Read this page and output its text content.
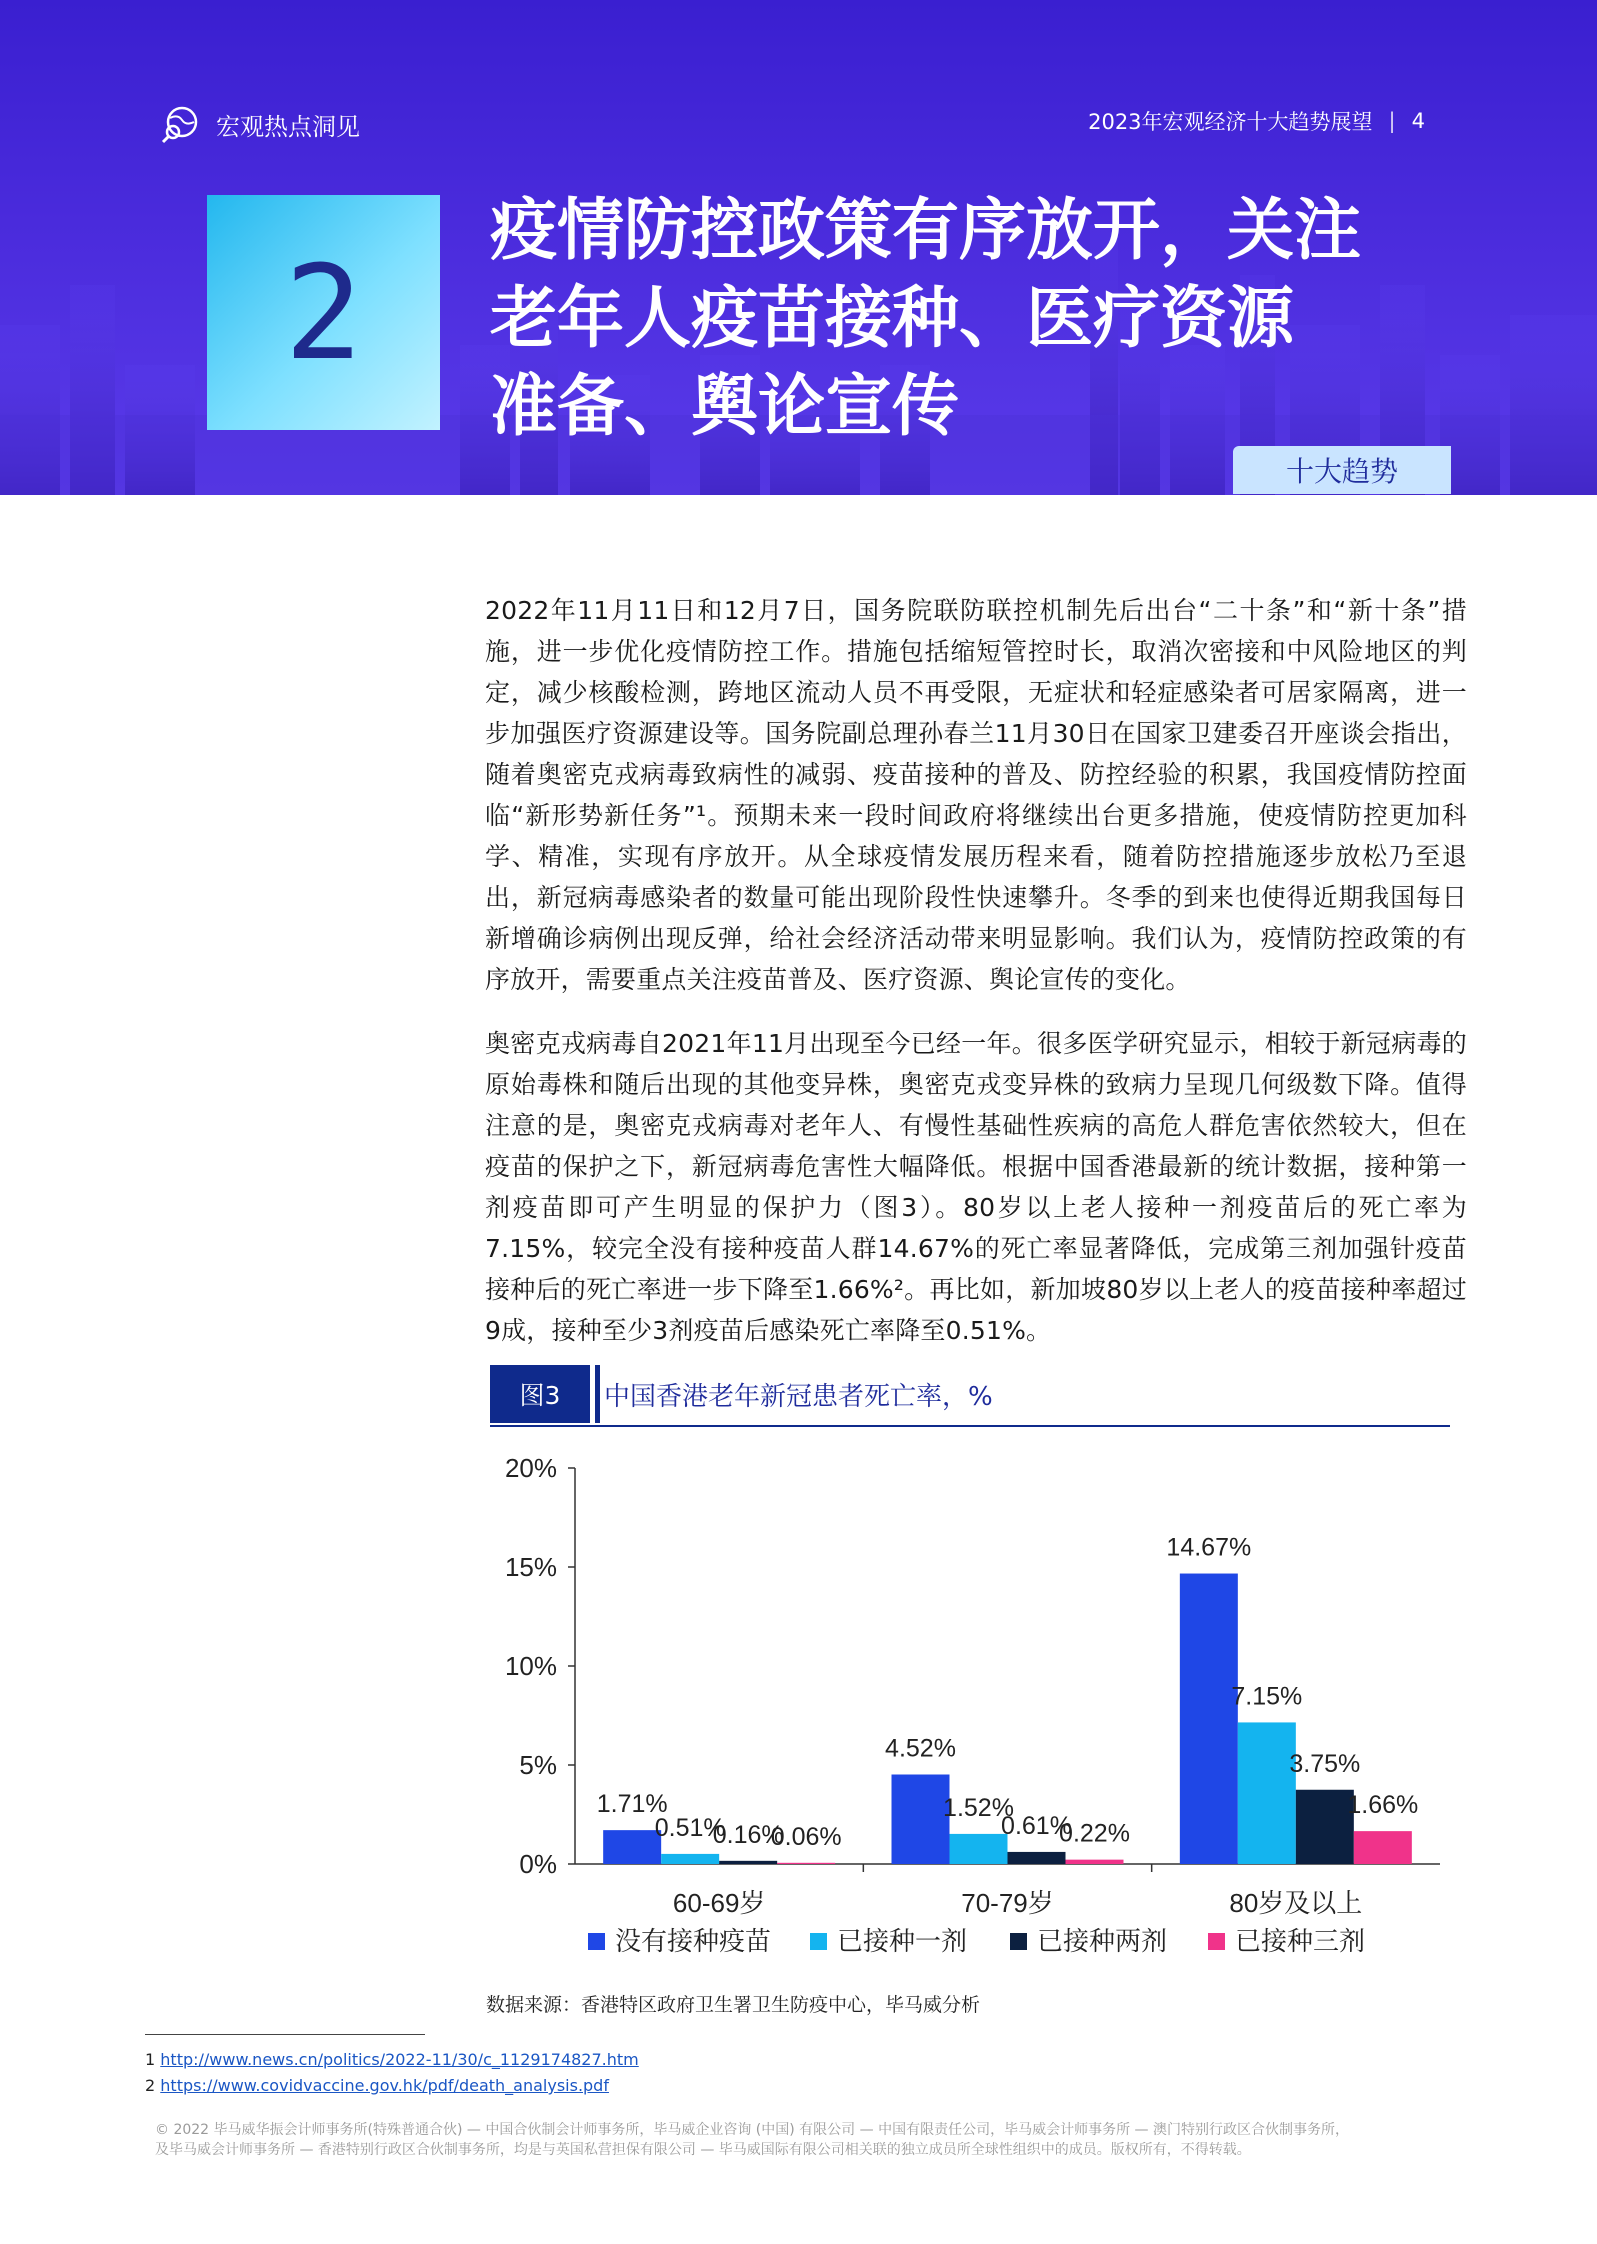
宏观热点洞见	2023年宏观经济十大趋势展望 | 4
2
疫情防控政策有序放开，关注
老年人疫苗接种、医疗资源
准备、舆论宣传
十大趋势
2022年11月11日和12月7日，国务院联防联控机制先后出台“二十条”和“新十条”措施，进一步优化疫情防控工作。措施包括缩短管控时长，取消次密接和中风险地区的判定，减少核酸检测，跨地区流动人员不再受限，无症状和轻症感染者可居家隔离，进一步加强医疗资源建设等。国务院副总理孙春兰11月30日在国家卫建委召开座谈会指出，随着奥密克戎病毒致病性的减弱、疫苗接种的普及、防控经验的积累，我国疫情防控面临“新形势新任务”¹。预期未来一段时间政府将继续出台更多措施，使疫情防控更加科学、精准，实现有序放开。从全球疫情发展历程来看，随着防控措施逐步放松乃至退出，新冠病毒感染者的数量可能出现阶段性快速攀升。冬季的到来也使得近期我国每日新增确诊病例出现反弹，给社会经济活动带来明显影响。我们认为，疫情防控政策的有序放开，需要重点关注疫苗普及、医疗资源、舆论宣传的变化。
奥密克戎病毒自2021年11月出现至今已经一年。很多医学研究显示，相较于新冠病毒的原始毒株和随后出现的其他变异株，奥密克戎变异株的致病力呈现几何级数下降。值得注意的是，奥密克戎病毒对老年人、有慢性基础性疾病的高危人群危害依然较大，但在疫苗的保护之下，新冠病毒危害性大幅降低。根据中国香港最新的统计数据，接种第一剂疫苗即可产生明显的保护力（图3）。80岁以上老人接种一剂疫苗后的死亡率为7.15%，较完全没有接种疫苗人群14.67%的死亡率显著降低，完成第三剂加强针疫苗接种后的死亡率进一步下降至1.66%²。再比如，新加坡80岁以上老人的疫苗接种率超过9成，接种至少3剂疫苗后感染死亡率降至0.51%。
图3	中国香港老年新冠患者死亡率，%
0%
5%
10%
15%
20%
1.71%
0.51%
0.16%
0.06%
4.52%
1.52%
0.61%
0.22%
14.67%
7.15%
3.75%
1.66%
60-69岁	70-79岁	80岁及以上
没有接种疫苗	已接种一剂	已接种两剂	已接种三剂
数据来源：香港特区政府卫生署卫生防疫中心，毕马威分析
1 http://www.news.cn/politics/2022-11/30/c_1129174827.htm
2 https://www.covidvaccine.gov.hk/pdf/death_analysis.pdf
© 2022 毕马威华振会计师事务所(特殊普通合伙) — 中国合伙制会计师事务所，毕马威企业咨询 (中国) 有限公司 — 中国有限责任公司，毕马威会计师事务所 — 澳门特别行政区合伙制事务所，
及毕马威会计师事务所 — 香港特别行政区合伙制事务所，均是与英国私营担保有限公司 — 毕马威国际有限公司相关联的独立成员所全球性组织中的成员。版权所有，不得转载。
